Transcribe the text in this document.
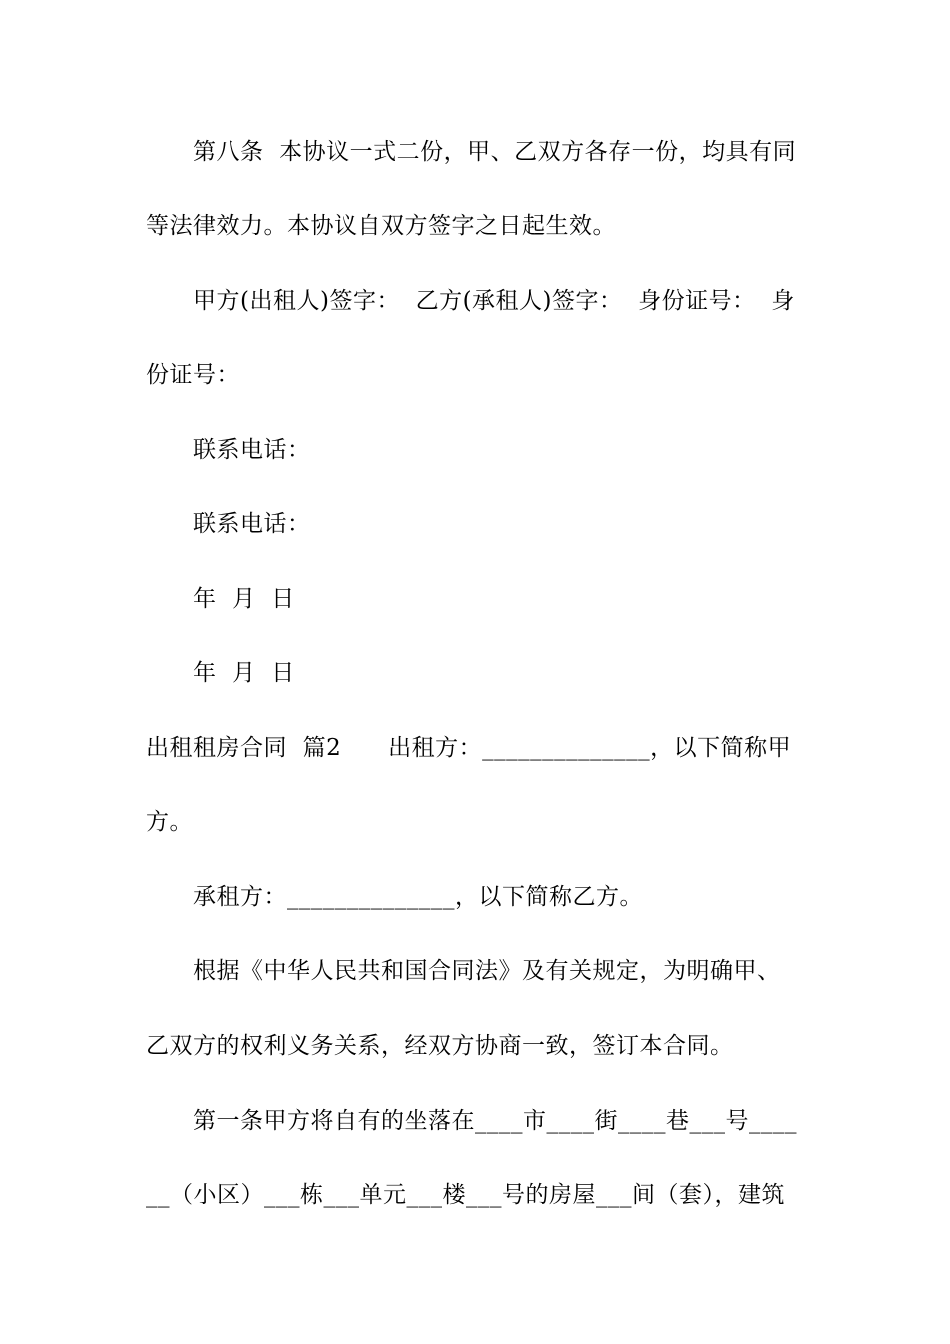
第八条  本协议一式二份，甲、乙双方各存一份，均具有同
等法律效力。本协议自双方签字之日起生效。
甲方(出租人)签字：  乙方(承租人)签字：  身份证号：  身
份证号：
联系电话：
联系电话：
年  月  日
年  月  日
出租租房合同  篇2      出租方：______________，以下简称甲
方。
承租方：______________，以下简称乙方。
根据《中华人民共和国合同法》及有关规定，为明确甲、
乙双方的权利义务关系，经双方协商一致，签订本合同。
第一条甲方将自有的坐落在____市____街____巷___号____
__（小区）___栋___单元___楼___号的房屋___间（套），建筑
